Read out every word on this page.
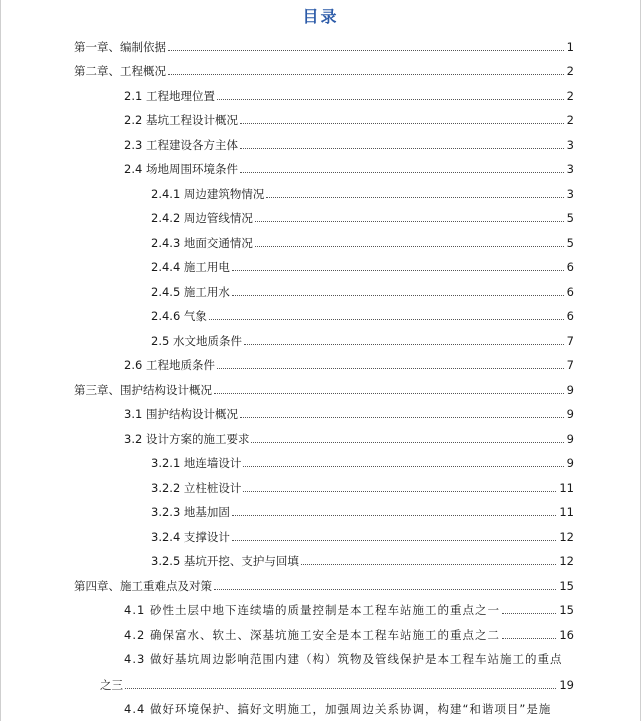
目录
第一章、编制依据	1
第二章、工程概况	2
2.1 工程地理位置	2
2.2 基坑工程设计概况	2
2.3 工程建设各方主体	3
2.4 场地周围环境条件	3
2.4.1 周边建筑物情况	3
2.4.2 周边管线情况	5
2.4.3 地面交通情况	5
2.4.4 施工用电	6
2.4.5 施工用水	6
2.4.6 气象	6
2.5 水文地质条件	7
2.6 工程地质条件	7
第三章、围护结构设计概况	9
3.1 围护结构设计概况	9
3.2 设计方案的施工要求	9
3.2.1 地连墙设计	9
3.2.2 立柱桩设计	11
3.2.3 地基加固	11
3.2.4 支撑设计	12
3.2.5 基坑开挖、支护与回填	12
第四章、施工重难点及对策	15
4.1 砂性土层中地下连续墙的质量控制是本工程车站施工的重点之一	15
4.2 确保富水、软土、深基坑施工安全是本工程车站施工的重点之二	16
4.3 做好基坑周边影响范围内建（构）筑物及管线保护是本工程车站施工的重点
之三	19
4.4 做好环境保护、搞好文明施工，加强周边关系协调，构建“和谐项目”是施
